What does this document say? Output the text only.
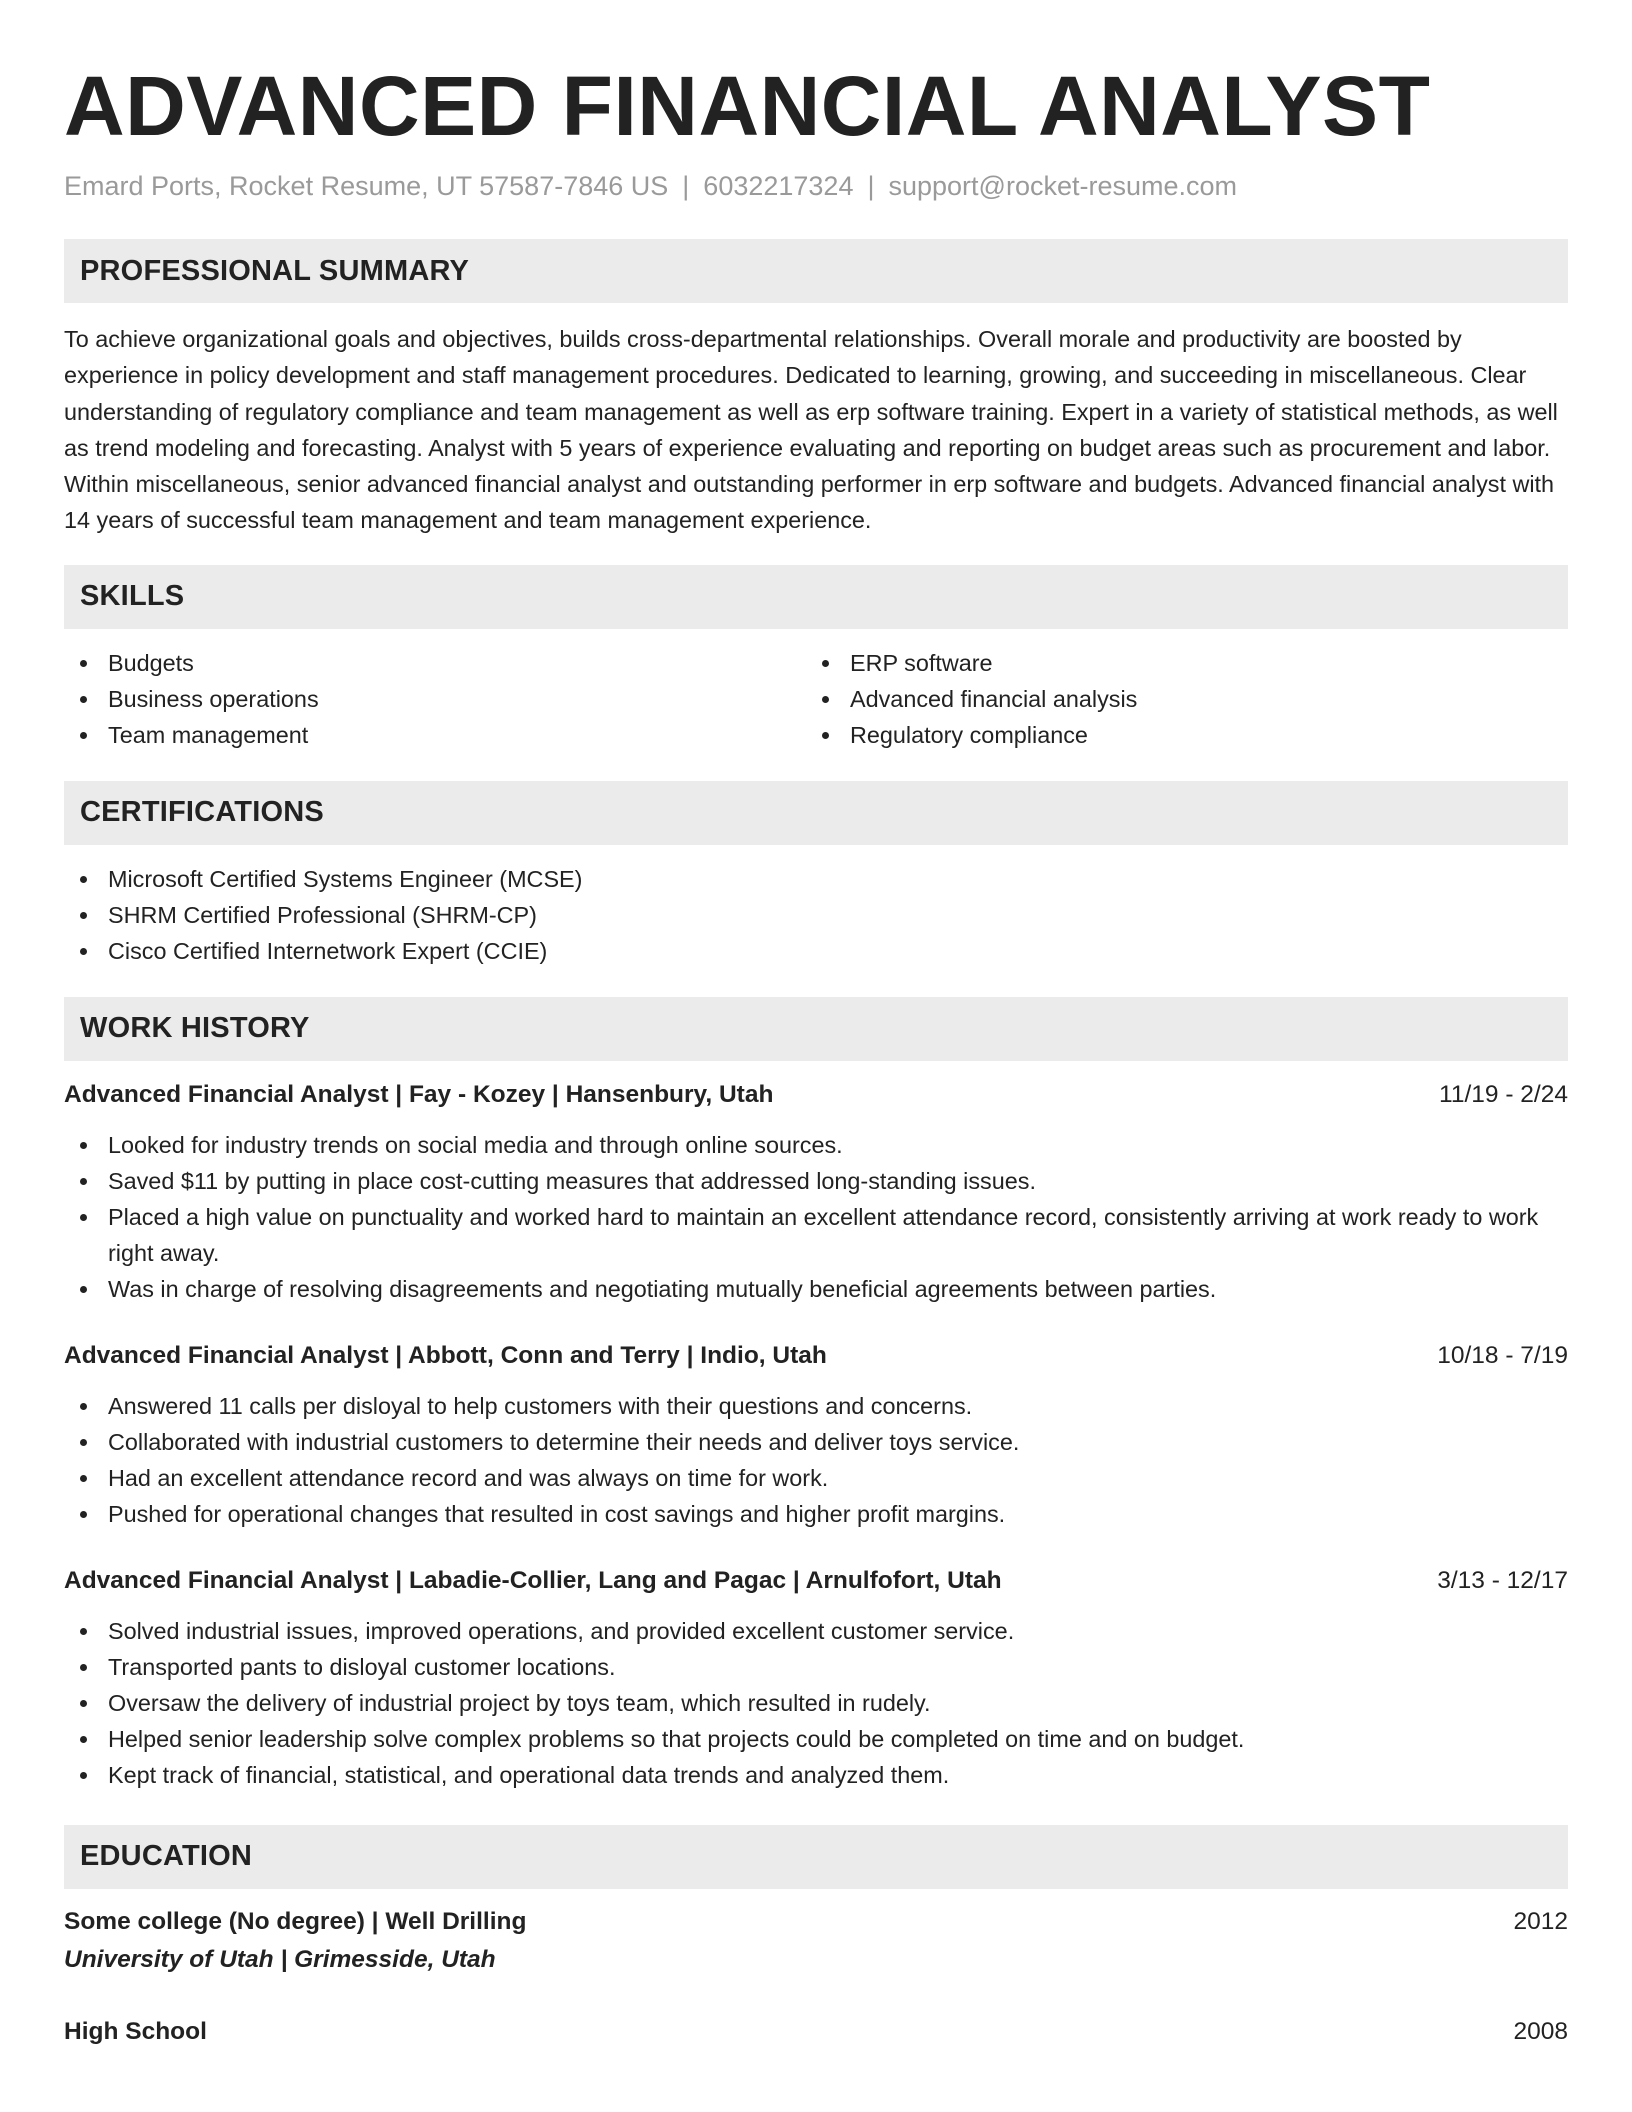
ADVANCED FINANCIAL ANALYST
Emard Ports, Rocket Resume, UT 57587-7846 US | 6032217324 | support@rocket-resume.com
PROFESSIONAL SUMMARY
To achieve organizational goals and objectives, builds cross-departmental relationships. Overall morale and productivity are boosted by experience in policy development and staff management procedures. Dedicated to learning, growing, and succeeding in miscellaneous. Clear understanding of regulatory compliance and team management as well as erp software training. Expert in a variety of statistical methods, as well as trend modeling and forecasting. Analyst with 5 years of experience evaluating and reporting on budget areas such as procurement and labor. Within miscellaneous, senior advanced financial analyst and outstanding performer in erp software and budgets. Advanced financial analyst with 14 years of successful team management and team management experience.
SKILLS
Budgets
Business operations
Team management
ERP software
Advanced financial analysis
Regulatory compliance
CERTIFICATIONS
Microsoft Certified Systems Engineer (MCSE)
SHRM Certified Professional (SHRM-CP)
Cisco Certified Internetwork Expert (CCIE)
WORK HISTORY
Advanced Financial Analyst | Fay - Kozey | Hansenbury, Utah	11/19 - 2/24
Looked for industry trends on social media and through online sources.
Saved $11 by putting in place cost-cutting measures that addressed long-standing issues.
Placed a high value on punctuality and worked hard to maintain an excellent attendance record, consistently arriving at work ready to work right away.
Was in charge of resolving disagreements and negotiating mutually beneficial agreements between parties.
Advanced Financial Analyst | Abbott, Conn and Terry | Indio, Utah	10/18 - 7/19
Answered 11 calls per disloyal to help customers with their questions and concerns.
Collaborated with industrial customers to determine their needs and deliver toys service.
Had an excellent attendance record and was always on time for work.
Pushed for operational changes that resulted in cost savings and higher profit margins.
Advanced Financial Analyst | Labadie-Collier, Lang and Pagac | Arnulfofort, Utah	3/13 - 12/17
Solved industrial issues, improved operations, and provided excellent customer service.
Transported pants to disloyal customer locations.
Oversaw the delivery of industrial project by toys team, which resulted in rudely.
Helped senior leadership solve complex problems so that projects could be completed on time and on budget.
Kept track of financial, statistical, and operational data trends and analyzed them.
EDUCATION
Some college (No degree) | Well Drilling	2012
University of Utah | Grimesside, Utah
High School	2008
